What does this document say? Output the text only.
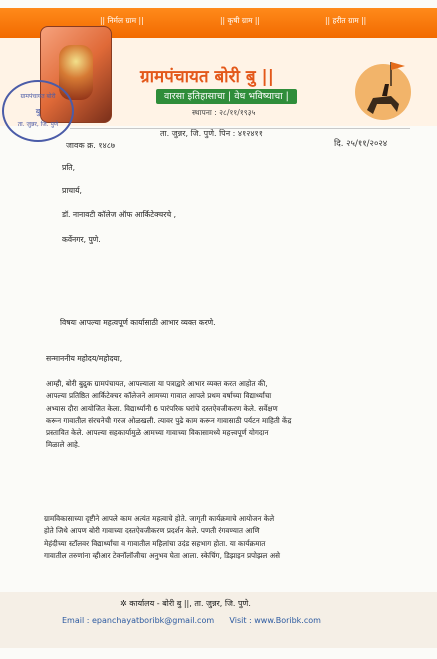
|| निर्मल ग्राम ||	|| कृषी ग्राम ||	|| हरीत ग्राम ||
ग्रामपंचायत बोरी बु ||
वारसा इतिहासाचा | वेध भविष्याचा |
स्थापना : २८/११/१९३५
ग्रामपंचायत बोरी
बु
ता. जुन्नर, जि. पुणे
ता. जुन्नर, जि. पुणे. पिन : ४१२४११
जावक क्र. १४८७	दि. २५/११/२०२४
प्रति,
प्राचार्य,
डॉ. नानावटी कॉलेज ऑफ आर्किटेक्चरचे ,
कर्वेनगर, पुणे.
विषयः आपल्या महत्वपूर्ण कार्यासाठी आभार व्यक्त करणे.
सन्माननीय महोदय/महोदया,
आम्ही, बोरी बुद्रुक ग्रामपंचायत, आपल्याला या पत्राद्वारे आभार व्यक्त करत आहोत की,
आपल्या प्रतिष्ठित आर्किटेक्चर कॉलेजने आमच्या गावात आपले प्रथम वर्षाच्या विद्यार्थ्यांचा
अभ्यास दौरा आयोजित केला. विद्यार्थ्यांनी 6 पारंपरिक घरांचे दस्तऐवजीकरण केले. सर्वेक्षण
करून गावातील संरचनेची गरज ओळखली. त्यावर पुढे काम करून गावासाठी पर्यटन माहिती केंद्र
प्रस्तावित केले. आपल्या सहकार्यामुळे आमच्या गावाच्या विकासामध्ये महत्त्वपूर्ण योगदान
मिळाले आहे.
ग्रामविकासाच्या दृष्टीने आपले काम अत्यंत महत्वाचे होते. जागृती कार्यक्रमाचे आयोजन केले
होते जिथे आपण बोरी गावाच्या दस्तऐवजीकरण प्रदर्शन केले. पणती रंगवण्यात आणि
मेहंदीच्या स्टॉलवर विद्यार्थ्यांचा व गावातील महिलांचा उदंड सहभाग होता. या कार्यक्रमात
गावातील तरुणांना व्हीआर टेक्नॉलॉजीचा अनुभव घेता आला. स्केचिंग, डिझाइन प्रपोझल असे
✲ कार्यालय - बोरी बु ||, ता. जुन्नर, जि. पुणे.
Email : epanchayatboribk@gmail.com Visit : www.Boribk.com
